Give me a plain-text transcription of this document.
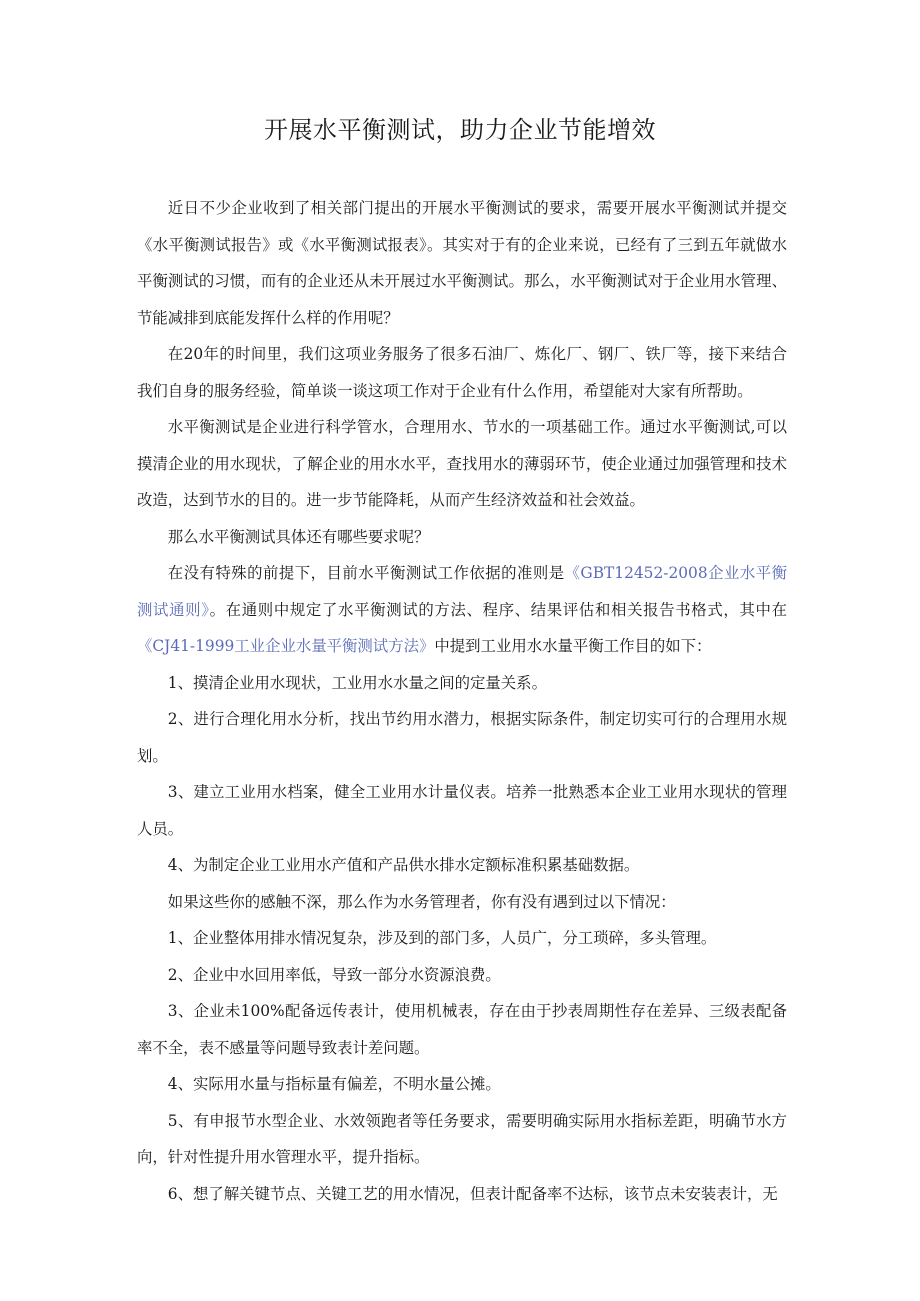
开展水平衡测试，助力企业节能增效

近日不少企业收到了相关部门提出的开展水平衡测试的要求，需要开展水平衡测试并提交《水平衡测试报告》或《水平衡测试报表》。其实对于有的企业来说，已经有了三到五年就做水平衡测试的习惯，而有的企业还从未开展过水平衡测试。那么，水平衡测试对于企业用水管理、节能减排到底能发挥什么样的作用呢？

在20年的时间里，我们这项业务服务了很多石油厂、炼化厂、钢厂、铁厂等，接下来结合我们自身的服务经验，简单谈一谈这项工作对于企业有什么作用，希望能对大家有所帮助。

水平衡测试是企业进行科学管水，合理用水、节水的一项基础工作。通过水平衡测试,可以摸清企业的用水现状，了解企业的用水水平，查找用水的薄弱环节，使企业通过加强管理和技术改造，达到节水的目的。进一步节能降耗，从而产生经济效益和社会效益。

那么水平衡测试具体还有哪些要求呢？

在没有特殊的前提下，目前水平衡测试工作依据的准则是《GBT12452-2008企业水平衡测试通则》。在通则中规定了水平衡测试的方法、程序、结果评估和相关报告书格式，其中在《CJ41-1999工业企业水量平衡测试方法》中提到工业用水水量平衡工作目的如下：

1、摸清企业用水现状，工业用水水量之间的定量关系。

2、进行合理化用水分析，找出节约用水潜力，根据实际条件，制定切实可行的合理用水规划。

3、建立工业用水档案，健全工业用水计量仪表。培养一批熟悉本企业工业用水现状的管理人员。

4、为制定企业工业用水产值和产品供水排水定额标准积累基础数据。

如果这些你的感触不深，那么作为水务管理者，你有没有遇到过以下情况：

1、企业整体用排水情况复杂，涉及到的部门多，人员广，分工琐碎，多头管理。

2、企业中水回用率低，导致一部分水资源浪费。

3、企业未100%配备远传表计，使用机械表，存在由于抄表周期性存在差异、三级表配备率不全，表不感量等问题导致表计差问题。

4、实际用水量与指标量有偏差，不明水量公摊。

5、有申报节水型企业、水效领跑者等任务要求，需要明确实际用水指标差距，明确节水方向，针对性提升用水管理水平，提升指标。

6、想了解关键节点、关键工艺的用水情况，但表计配备率不达标，该节点未安装表计，无
